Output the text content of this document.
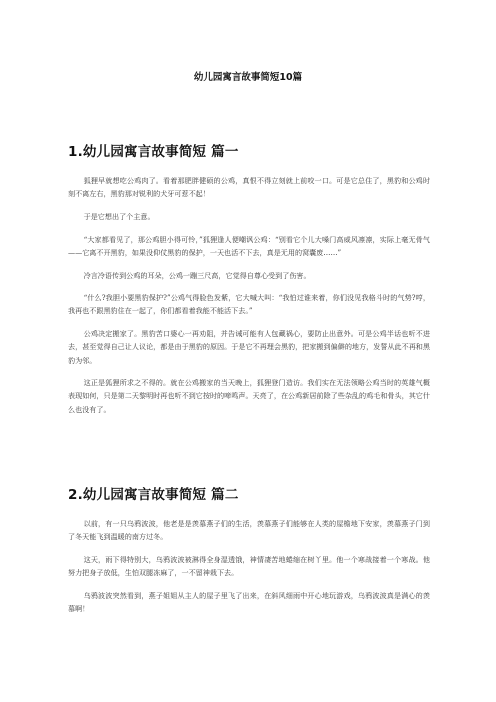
幼儿园寓言故事简短10篇
1.幼儿园寓言故事简短 篇一

狐狸早就想吃公鸡肉了。看着那肥胖健硕的公鸡，真恨不得立刻就上前咬一口。可是它总住了，黑豹和公鸡时刻不离左右，黑豹那对锐利的犬牙可惹不起！

于是它想出了个主意。

“大家都看见了，那公鸡胆小得可怜，”狐狸逢人便嘲讽公鸡：“别看它个儿大嗓门高威风凛凛，实际上毫无骨气——它离不开黑豹，如果没仰仗黑豹的保护，一天也活不下去，真是无用的窝囊废……”

冷言冷语传到公鸡的耳朵，公鸡一蹦三尺高，它觉得自尊心受到了伤害。

“什么?我胆小要黑豹保护?”公鸡气得脸色发紫，它大喊大叫：“我怕过谁来着，你们没见我格斗时的气势?哼，我再也不跟黑豹住在一起了，你们都看着我能不能活下去。”

公鸡决定搬家了。黑豹苦口婆心一再劝阻，并告诫可能有人包藏祸心，要防止出意外。可是公鸡半话也听不进去，甚至觉得自己让人议论，都是由于黑豹的原因。于是它不再理会黑豹，把家搬到偏僻的地方，发誓从此不再和黑豹为邻。

这正是狐狸所求之不得的。就在公鸡搬家的当天晚上，狐狸登门造访。我们实在无法领略公鸡当时的英雄气概表现如何，只是第二天黎明时再也听不到它按时的啼鸣声。天亮了，在公鸡新居前除了些杂乱的鸡毛和骨头，其它什么也没有了。

2.幼儿园寓言故事简短 篇二

以前，有一只乌鸦波波，他老是是羡慕燕子们的生活，羡慕燕子们能够在人类的屋檐地下安家，羡慕燕子门到了冬天能飞到温暖的南方过冬。

这天，雨下得特别大，乌鸦波波被淋得全身湿透饿，神情凄苦地蜷缩在树丫里。他一个寒战接着一个寒战。他努力把身子放低，生怕双腿冻麻了，一不留神栽下去。

乌鸦波波突然看到，燕子姐姐从主人的屋子里飞了出来，在斜风细雨中开心地玩游戏，乌鸦波波真是满心的羡慕啊！
